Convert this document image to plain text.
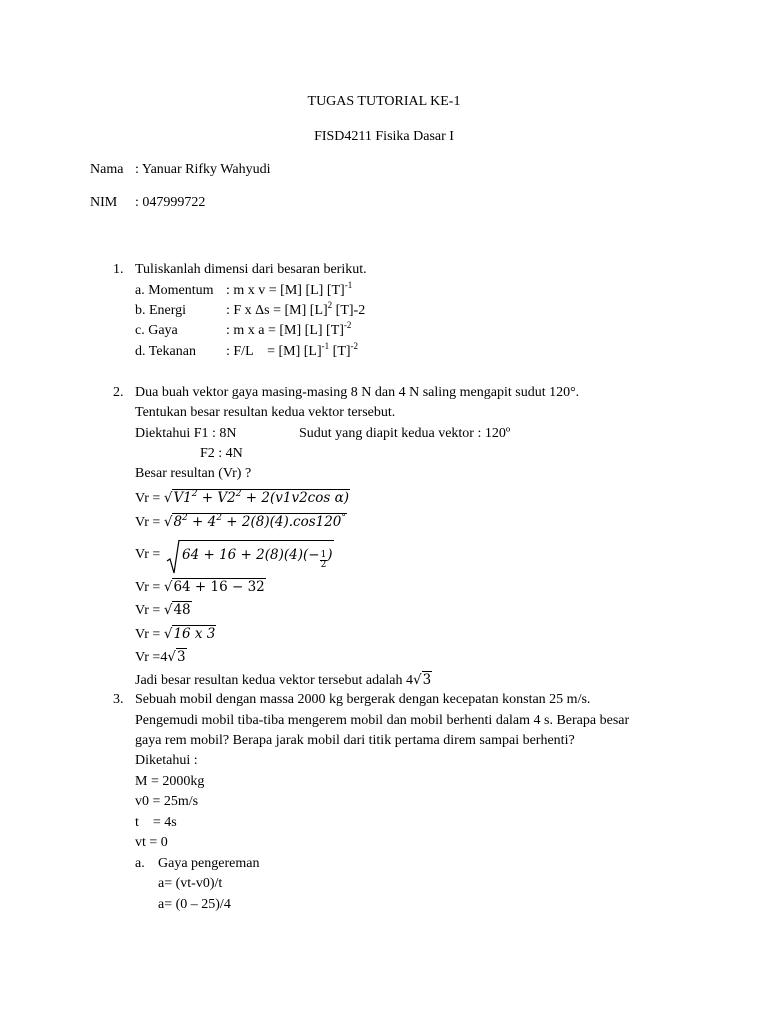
TUGAS TUTORIAL KE-1
FISD4211 Fisika Dasar I
Nama : Yanuar Rifky Wahyudi
NIM : 047999722
1. Tuliskanlah dimensi dari besaran berikut.
a. Momentum : m x v = [M] [L] $[T]^{-1}$
b. Energi	: F x Δs = [M] $[L]^2$ [T]-2
c. Gaya	: m x a = [M] [L] $[T]^{-2}$
d. Tekanan : F/L    = [M] $[L]^{-1}$ $[T]^{-2}$
2. Dua buah vektor gaya masing-masing 8 N dan 4 N saling mengapit sudut 120°.
Tentukan besar resultan kedua vektor tersebut.
Diektahui F1 : 8N	Sudut yang diapit kedua vektor : 120º
F2 : 4N
Besar resultan (Vr) ?
$Vr = √V1^2 + V2^2 + 2(v1v2\cos$ α)
$Vr = √8^2 + 4^2 + 2(8)(4).\cos 120^\circ$
$Vr = 64 + 16 + 2(8)(4)(- \frac{1}{2}$ )
Vr = √64 + 16 − 32
Vr = √48
Vr = √16 x 3
Vr =4√3
Jadi besar resultan kedua vektor tersebut adalah 4√3
3. Sebuah mobil dengan massa 2000 kg bergerak dengan kecepatan konstan 25 m/s.
Pengemudi mobil tiba-tiba mengerem mobil dan mobil berhenti dalam 4 s. Berapa besar
gaya rem mobil? Berapa jarak mobil dari titik pertama direm sampai berhenti?
Diketahui :
M = 2000kg
v0 = 25m/s
t    = 4s
vt = 0
a. Gaya pengereman
a= (vt-v0)/t
a= (0 – 25)/4
